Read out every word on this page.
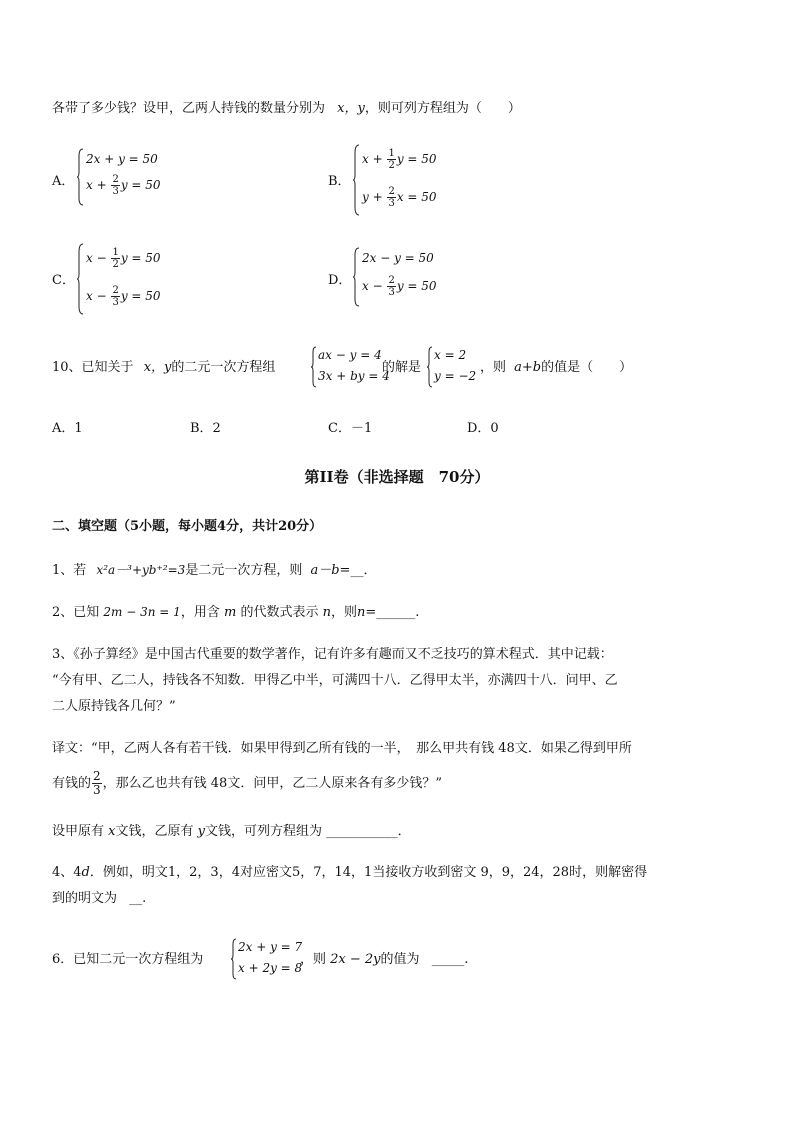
各带了多少钱？设甲，乙两人持钱的数量分别为 x，y，则可列方程组为（　　）
A．
2x + y = 50
$x + \frac{2}{3}$ y = 50	B．
$x + \frac{1}{2}$ y = 50
$y + \frac{2}{3}$ x = 50
C．
$x - \frac{1}{2}$ y = 50
$x - \frac{2}{3}$ y = 50
D．
2x − y = 50
$x - \frac{2}{3}$ y = 50
10、已知关于 x，y的二元一次方程组
ax − y = 4
3x + by = 4
的解是
x = 2
y = −2
，则 a+b的值是（　　）
A．1	B．2	C．－1	D．0
第II卷（非选择题　70分）
二、填空题（5小题，每小题4分，共计20分）
1、若 x²a－³+yb⁺²=3是二元一次方程，则 a－b=__．
2、已知 2m − 3n = 1，用含 m 的代数式表示 n，则n=______.
3、《孙子算经》是中国古代重要的数学著作，记有许多有趣而又不乏技巧的算术程式．其中记载：
“今有甲、乙二人，持钱各不知数．甲得乙中半，可满四十八．乙得甲太半，亦满四十八．问甲、乙
二人原持钱各几何？”
译文：“甲，乙两人各有若干钱．如果甲得到乙所有钱的一半，　那么甲共有钱 48文．如果乙得到甲所
有钱的 $\frac{2}{3}$ ，那么乙也共有钱 48文．问甲，乙二人原来各有多少钱？”
设甲原有 x文钱，乙原有 y文钱，可列方程组为 ___________．
4、4d．例如，明文1，2，3，4对应密文5，7，14，1当接收方收到密文 9，9，24，28时，则解密得
到的明文为 __.
6．已知二元一次方程组为
2x + y = 7
x + 2y = 8
，则 2x − 2y的值为 _____.
